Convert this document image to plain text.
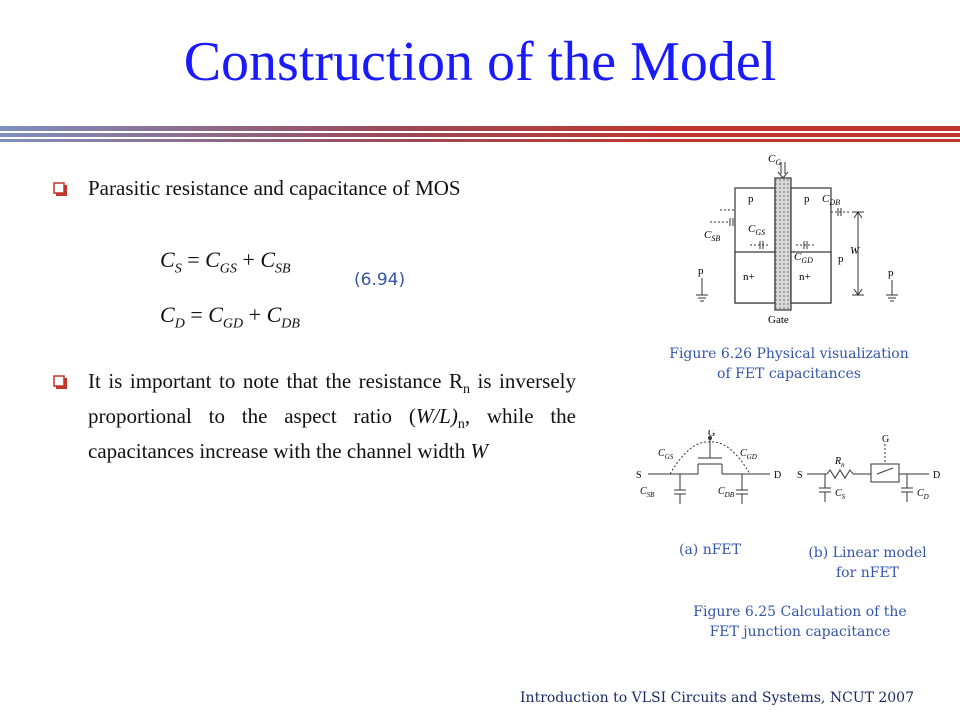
Construction of the Model
Parasitic resistance and capacitance of MOS
$C_S = C_{GS} + C_{SB}$
(6.94)
$C_D = C_{GD} + C_{DB}$
It is important to note that the resistance $R_n$ is inversely proportional to the aspect ratio $(W/L)_n$, while the capacitances increase with the channel width W
$C_G$
p	p
n+	n+
Gate
$C_{SB}$
$C_{GS}$
$C_{GD}$
$C_{DB}$
W
p
p
p
Figure 6.26 Physical visualization
of FET capacitances
G
S	D
$C_{GS}$	$C_{GD}$
$C_{SB}$	$C_{DB}$
G
S	D
$R_n$
$C_S$	$C_D$
(a) nFET	(b) Linear model
for nFET
Figure 6.25 Calculation of the
FET junction capacitance
Introduction to VLSI Circuits and Systems, NCUT 2007
